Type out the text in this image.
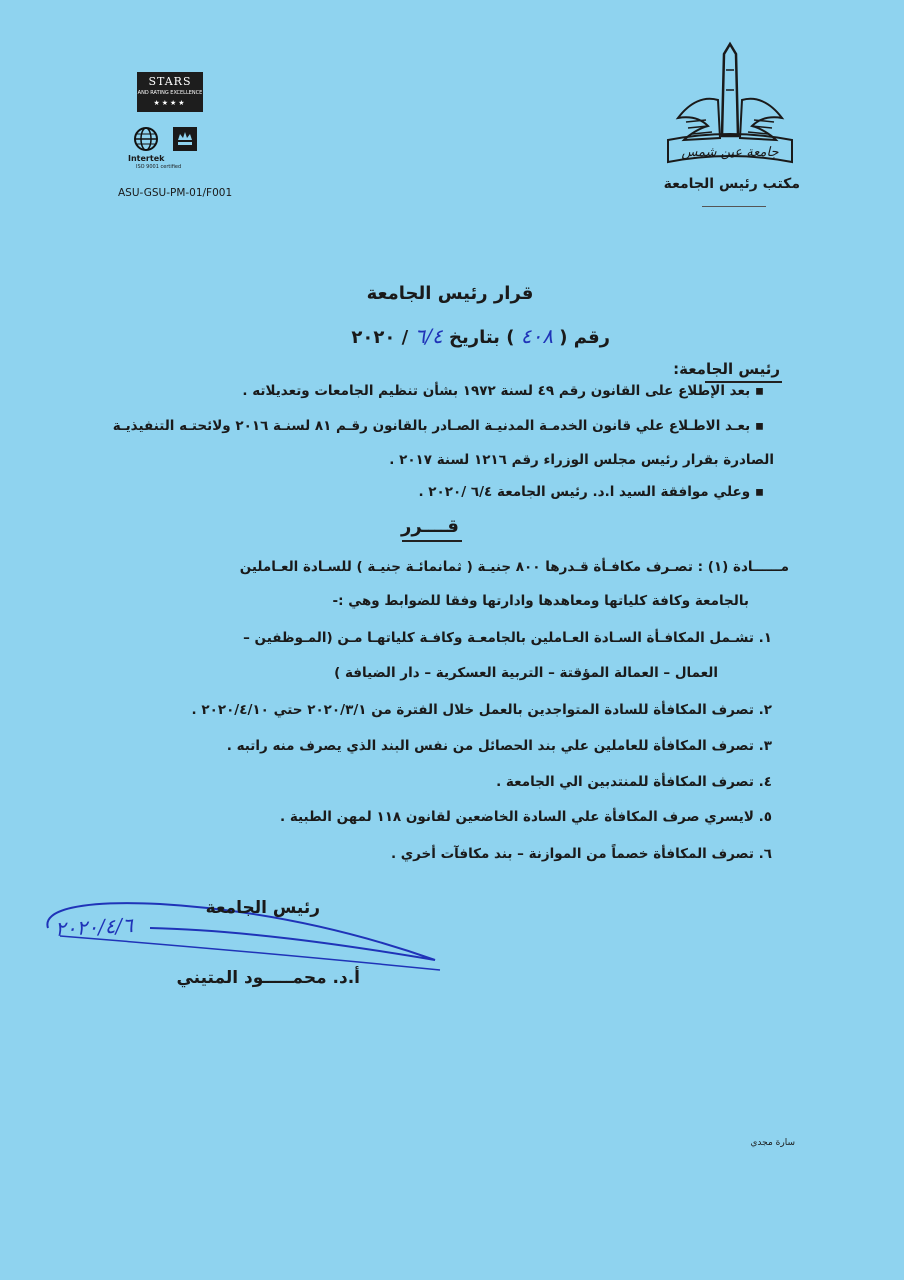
STARS
AND RATING EXCELLENCE
★★★★
Intertek
ISO 9001 certified
ASU-GSU-PM-01/F001
جامعة عين شمس
مكتب رئيس الجامعة
قرار رئيس الجامعة
رقم ( ٤٠٨ ) بتاريخ ٦/٤ / ٢٠٢٠
رئيس الجامعة:
▪ بعد الإطلاع على القانون رقم ٤٩ لسنة ١٩٧٢ بشأن تنظيم الجامعات وتعديلاته .
▪ بعـد الاطـلاع علي قانون الخدمـة المدنيـة الصـادر بالقانون رقـم ٨١ لسنـة ٢٠١٦ ولائحتـه التنفيذيـة
الصادرة بقرار رئيس مجلس الوزراء رقم ١٢١٦ لسنة ٢٠١٧ .
▪ وعلي موافقة السيد ا.د. رئيس الجامعة ٦/٤ /٢٠٢٠ .
قــــرر
مــــــادة (١) : تصـرف مكافـأة قـدرها ٨٠٠ جنيـة ( ثمانمائـة جنيـة ) للسـادة العـاملين
بالجامعة وكافة كلياتها ومعاهدها وادارتها وفقا للضوابط وهي :-
١. تشـمل المكافـأة السـادة العـاملين بالجامعـة وكافـة كلياتهـا مـن (المـوظفين –
العمال – العمالة المؤقتة – التربية العسكرية – دار الضيافة )
٢. تصرف المكافأة للسادة المتواجدين بالعمل خلال الفترة من ٢٠٢٠/٣/١ حتي ٢٠٢٠/٤/١٠ .
٣. تصرف المكافأة للعاملين علي بند الحصائل من نفس البند الذي يصرف منه راتبه .
٤. تصرف المكافأة للمنتدبين الي الجامعة .
٥. لايسري صرف المكافأة علي السادة الخاضعين لقانون ١١٨ لمهن الطبية .
٦. تصرف المكافأة خصماً من الموازنة – بند مكافآت أخري .
٢٠٢٠/٤/٦
رئيس الجامعة
أ.د. محمـــــود المتيني
سارة مجدي
